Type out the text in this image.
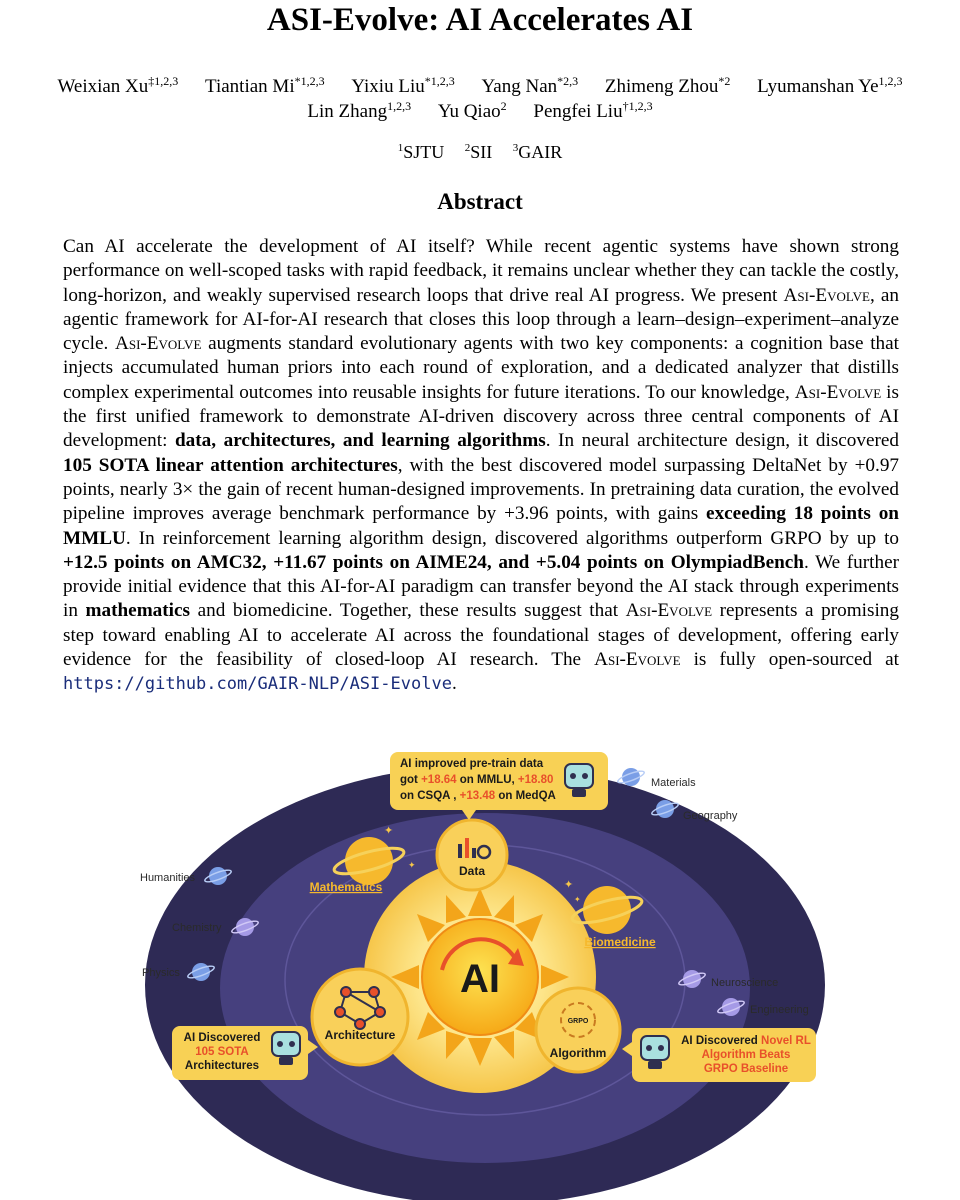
ASI-Evolve: AI Accelerates AI
Weixian Xu$^{\ddagger 1,2,3}$ Tiantian Mi$^{*1,2,3}$ Yixiu Liu$^{*1,2,3}$ Yang Nan$^{*2,3}$ Zhimeng Zhou$^{*2}$ Lyumanshan Ye$^{1,2,3}$
Lin Zhang$^{1,2,3}$ Yu Qiao$^2$ Pengfei Liu$^{\dagger 1,2,3}$
$^1$SJTU $^2$SII $^3$GAIR
Abstract

Can AI accelerate the development of AI itself? While recent agentic systems have shown strong performance on well-scoped tasks with rapid feedback, it remains unclear whether they can tackle the costly, long-horizon, and weakly supervised research loops that drive real AI progress. We present Asi-Evolve, an agentic framework for AI-for-AI research that closes this loop through a learn–design–experiment–analyze cycle. Asi-Evolve augments standard evolutionary agents with two key components: a cognition base that injects accumulated human priors into each round of exploration, and a dedicated analyzer that distills complex experimental outcomes into reusable insights for future iterations. To our knowledge, Asi-Evolve is the first unified framework to demonstrate AI-driven discovery across three central components of AI development: data, architectures, and learning algorithms. In neural architecture design, it discovered 105 SOTA linear attention architectures, with the best discovered model surpassing DeltaNet by +0.97 points, nearly 3× the gain of recent human-designed improvements. In pretraining data curation, the evolved pipeline improves average benchmark performance by +3.96 points, with gains exceeding 18 points on MMLU. In reinforcement learning algorithm design, discovered algorithms outperform GRPO by up to +12.5 points on AMC32, +11.67 points on AIME24, and +5.04 points on OlympiadBench. We further provide initial evidence that this AI-for-AI paradigm can transfer beyond the AI stack through experiments in mathematics and biomedicine. Together, these results suggest that Asi-Evolve represents a promising step toward enabling AI to accelerate AI across the foundational stages of development, offering early evidence for the feasibility of closed-loop AI research. The Asi-Evolve is fully open-sourced at https://github.com/GAIR-NLP/ASI-Evolve.

AI
Data
Architecture
GRPO
Algorithm
Mathematics
Biomedicine
✦
✦
✦
✦
Materials
Geography
Humanities
Chemistry
Physics
Neuroscience
Engineering
AI improved pre-train data
got +18.64 on MMLU, +18.80
on CSQA , +13.48 on MedQA
AI Discovered
105 SOTA
Architectures
AI Discovered Novel RL
Algorithm Beats
GRPO Baseline
